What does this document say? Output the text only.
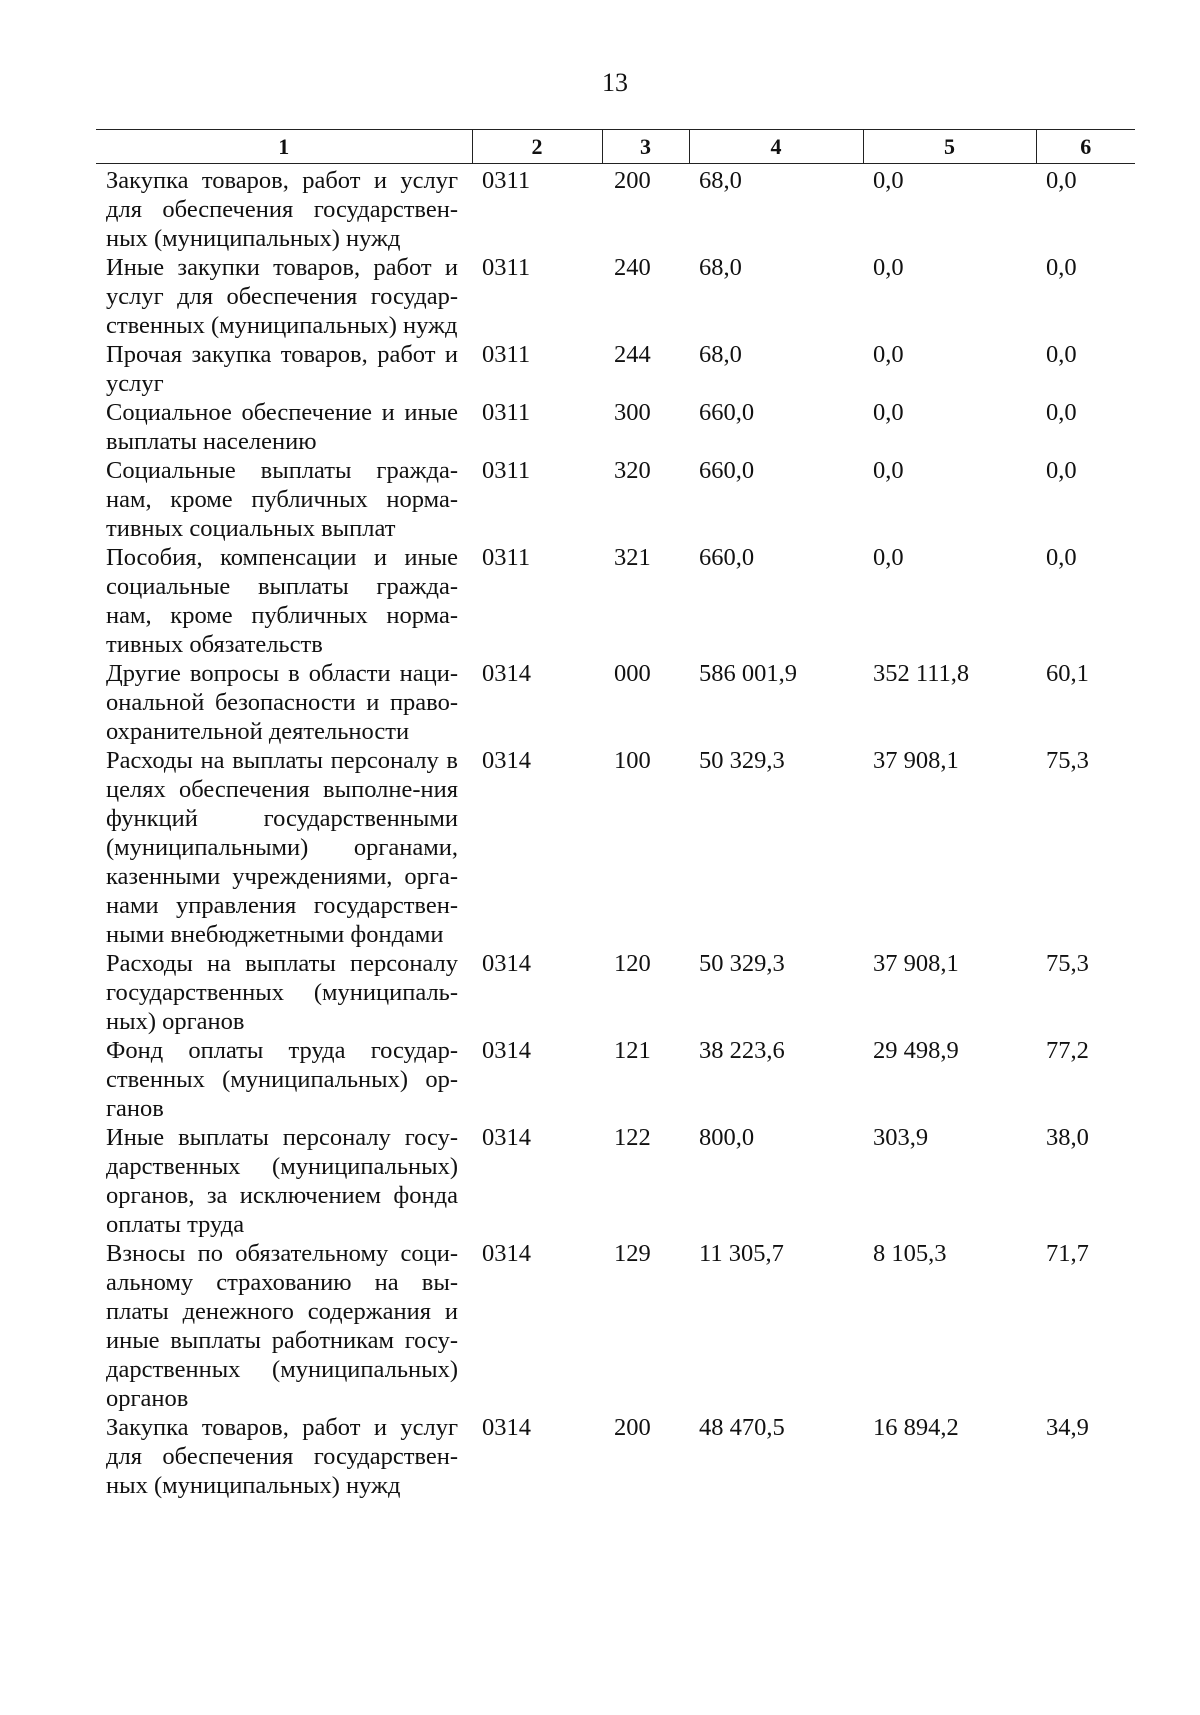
13
1	2	3	4	5	6
Закупка товаров, работ и услуг для обеспечения государствен-ных (муниципальных) нужд	0311	200	68,0	0,0	0,0
Иные закупки товаров, работ и услуг для обеспечения государ-ственных (муниципальных) нужд	0311	240	68,0	0,0	0,0
Прочая закупка товаров, работ и услуг	0311	244	68,0	0,0	0,0
Социальное обеспечение и иные выплаты населению	0311	300	660,0	0,0	0,0
Социальные выплаты гражда-нам, кроме публичных норма-тивных социальных выплат	0311	320	660,0	0,0	0,0
Пособия, компенсации и иные социальные выплаты гражда-нам, кроме публичных норма-тивных обязательств	0311	321	660,0	0,0	0,0
Другие вопросы в области наци-ональной безопасности и право-охранительной деятельности	0314	000	586 001,9	352 111,8	60,1
Расходы на выплаты персоналу в целях обеспечения выполне-ния функций государственными (муниципальными) органами, казенными учреждениями, орга-нами управления государствен-ными внебюджетными фондами	0314	100	50 329,3	37 908,1	75,3
Расходы на выплаты персоналу государственных (муниципаль-ных) органов	0314	120	50 329,3	37 908,1	75,3
Фонд оплаты труда государ-ственных (муниципальных) ор-ганов	0314	121	38 223,6	29 498,9	77,2
Иные выплаты персоналу госу-дарственных (муниципальных) органов, за исключением фонда оплаты труда	0314	122	800,0	303,9	38,0
Взносы по обязательному соци-альному страхованию на вы-платы денежного содержания и иные выплаты работникам госу-дарственных (муниципальных) органов	0314	129	11 305,7	8 105,3	71,7
Закупка товаров, работ и услуг для обеспечения государствен-ных (муниципальных) нужд	0314	200	48 470,5	16 894,2	34,9
